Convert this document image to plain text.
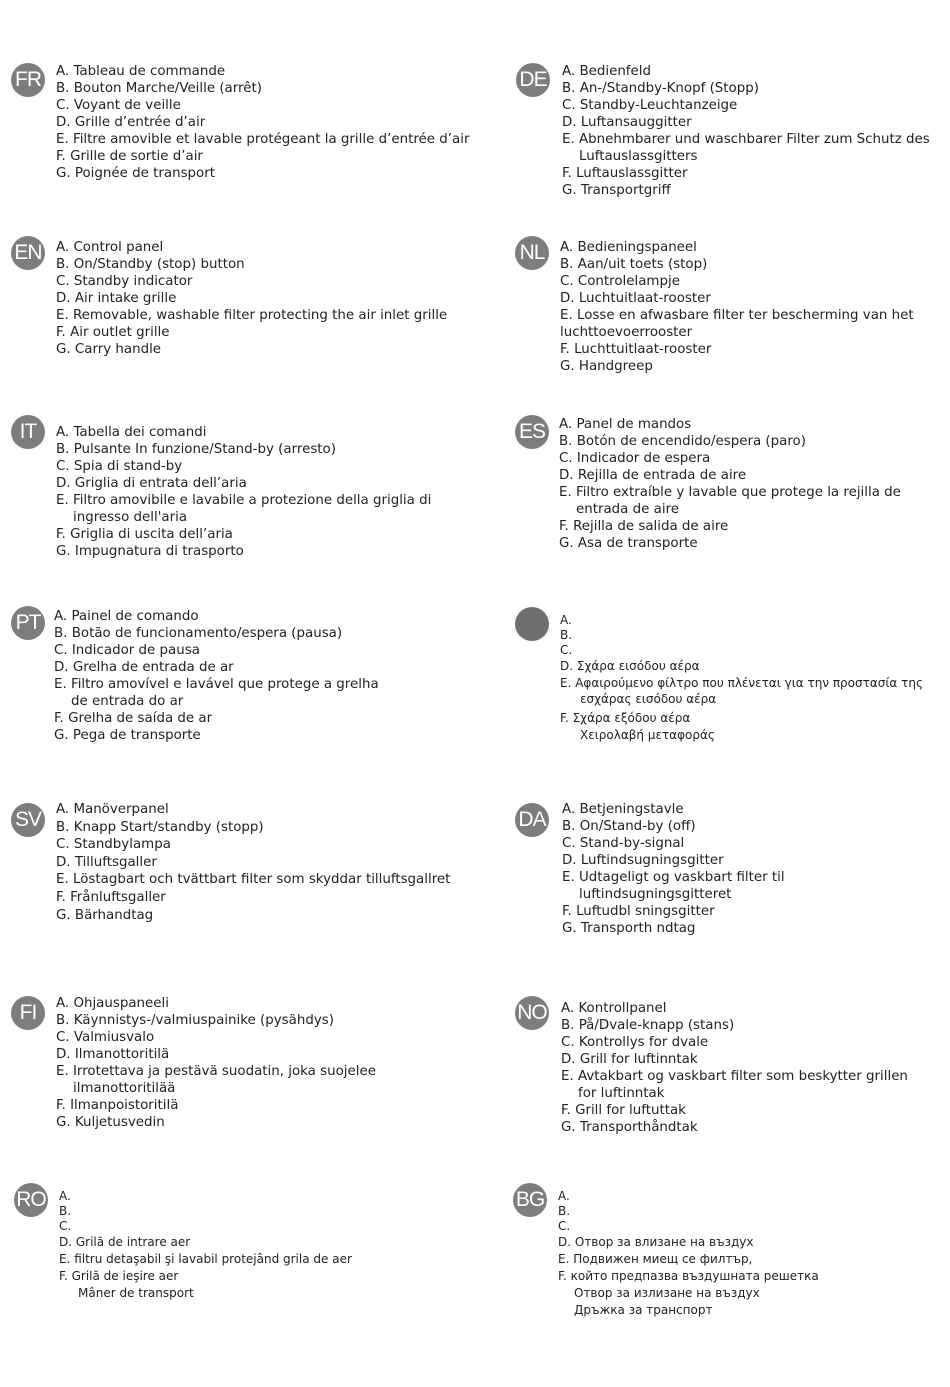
FR A. Tableau de commande
B. Bouton Marche/Veille (arrêt)
C. Voyant de veille
D. Grille d’entrée d’air
E. Filtre amovible et lavable protégeant la grille d’entrée d’air
F. Grille de sortie d’air
G. Poignée de transport
DE A. Bedienfeld
B. An-/Standby-Knopf (Stopp)
C. Standby-Leuchtanzeige
D. Luftansauggitter
E. Abnehmbarer und waschbarer Filter zum Schutz des
Luftauslassgitters
F. Luftauslassgitter
G. Transportgriff
EN A. Control panel
B. On/Standby (stop) button
C. Standby indicator
D. Air intake grille
E. Removable, washable filter protecting the air inlet grille
F. Air outlet grille
G. Carry handle
NL	A. Bedieningspaneel
B. Aan/uit toets (stop)
C. Controlelampje
D. Luchtuitlaat-rooster
E. Losse en afwasbare filter ter bescherming van het
luchttoevoerrooster
F. Luchttuitlaat-rooster
G. Handgreep
IT	A. Tabella dei comandi
B. Pulsante In funzione/Stand-by (arresto)
C. Spia di stand-by
D. Griglia di entrata dell’aria
E. Filtro amovibile e lavabile a protezione della griglia di
ingresso dell'aria
F. Griglia di uscita dell’aria
G. Impugnatura di trasporto
ES A. Panel de mandos
B. Botón de encendido/espera (paro)
C. Indicador de espera
D. Rejilla de entrada de aire
E. Filtro extraíble y lavable que protege la rejilla de
entrada de aire
F. Rejilla de salida de aire
G. Asa de transporte
PT	A. Painel de comando
B. Botão de funcionamento/espera (pausa)
C. Indicador de pausa
D. Grelha de entrada de ar
E. Filtro amovível e lavável que protege a grelha
de entrada do ar
F. Grelha de saída de ar
G. Pega de transporte
A.
B.
C.
D. Σχάρα εισόδου αέρα
E. Αφαιρούμενο φίλτρο που πλένεται για την προστασία της
εσχάρας εισόδου αέρα
F. Σχάρα εξόδου αέρα
Χειρολαβή μεταφοράς
SV A. Manöverpanel
B. Knapp Start/standby (stopp)
C. Standbylampa
D. Tilluftsgaller
E. Löstagbart och tvättbart filter som skyddar tilluftsgallret
F. Frånluftsgaller
G. Bärhandtag
DA A. Betjeningstavle
B. On/Stand-by (off)
C. Stand-by-signal
D. Luftindsugningsgitter
E. Udtageligt og vaskbart filter til
luftindsugningsgitteret
F. Luftudbl sningsgitter
G. Transporth ndtag
FI	A. Ohjauspaneeli
B. Käynnistys-/valmiuspainike (pysähdys)
C. Valmiusvalo
D. Ilmanottoritilä
E. Irrotettava ja pestävä suodatin, joka suojelee
ilmanottoritilää
F. Ilmanpoistoritilä
G. Kuljetusvedin
NO A. Kontrollpanel
B. På/Dvale-knapp (stans)
C. Kontrollys for dvale
D. Grill for luftinntak
E. Avtakbart og vaskbart filter som beskytter grillen
for luftinntak
F. Grill for luftuttak
G. Transporthåndtak
RO A.
B.
C.
D. Grilă de intrare aer
E. filtru detaşabil şi lavabil protejând grila de aer
F. Grilă de ieşire aer
Mâner de transport
BG A.
B.
C.
D. Отвор за влизане на въздух
E. Подвижен миещ се филтър,
F. който предпазва въздушната решетка
Отвор за излизане на въздух
Дръжка за транспорт
